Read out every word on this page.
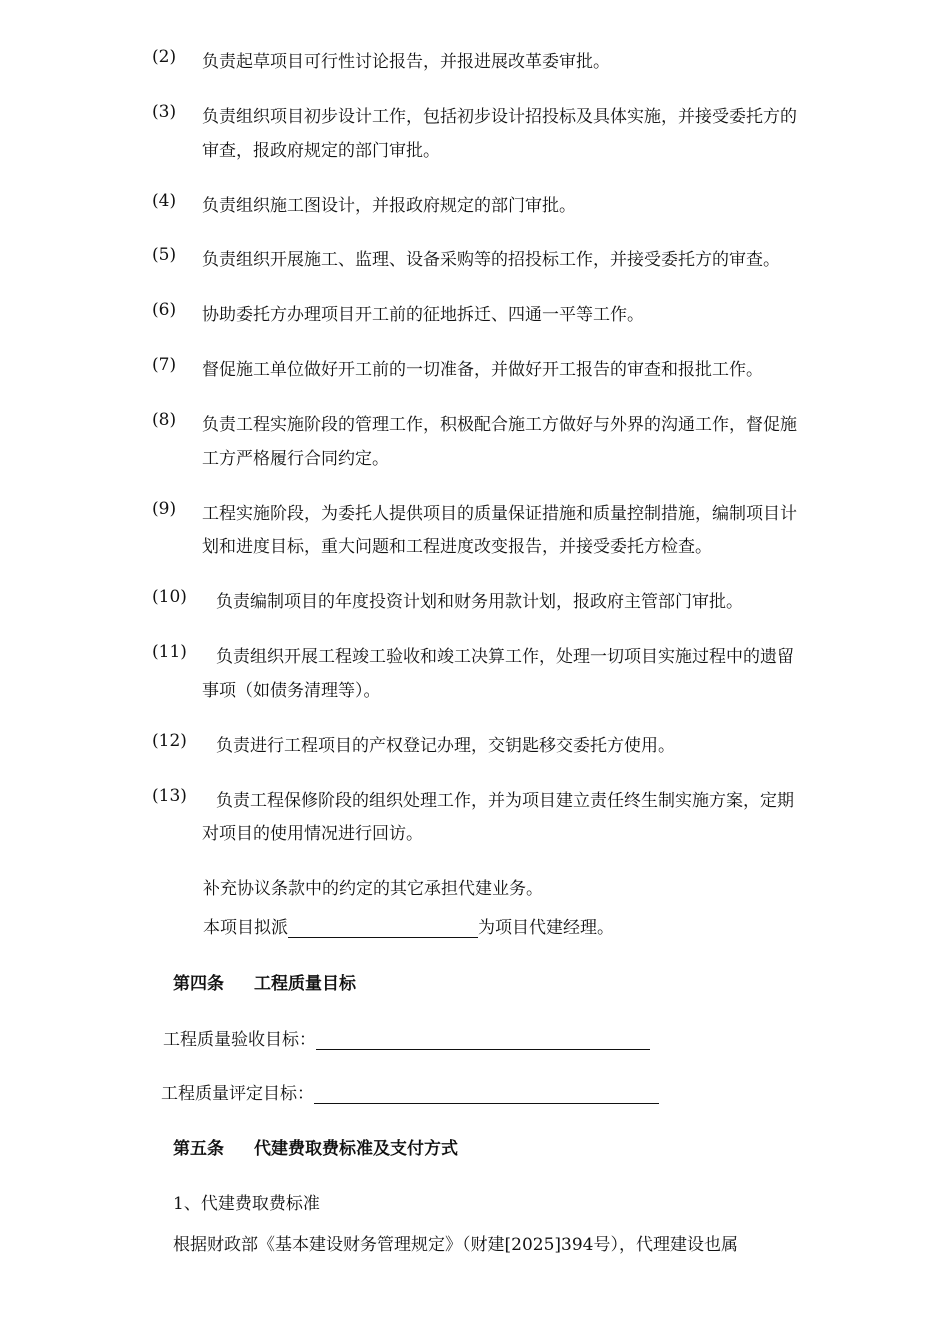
(2) 负责起草项目可行性讨论报告，并报进展改革委审批。
(3) 负责组织项目初步设计工作，包括初步设计招投标及具体实施，并接受委托方的
审查，报政府规定的部门审批。
(4) 负责组织施工图设计，并报政府规定的部门审批。
(5) 负责组织开展施工、监理、设备采购等的招投标工作，并接受委托方的审查。
(6) 协助委托方办理项目开工前的征地拆迁、四通一平等工作。
(7) 督促施工单位做好开工前的一切准备，并做好开工报告的审查和报批工作。
(8) 负责工程实施阶段的管理工作，积极配合施工方做好与外界的沟通工作，督促施
工方严格履行合同约定。
(9) 工程实施阶段，为委托人提供项目的质量保证措施和质量控制措施，编制项目计
划和进度目标，重大问题和工程进度改变报告，并接受委托方检查。
(10) 负责编制项目的年度投资计划和财务用款计划，报政府主管部门审批。
(11) 负责组织开展工程竣工验收和竣工决算工作，处理一切项目实施过程中的遗留
事项（如债务清理等）。
(12) 负责进行工程项目的产权登记办理，交钥匙移交委托方使用。
(13) 负责工程保修阶段的组织处理工作，并为项目建立责任终生制实施方案，定期
对项目的使用情况进行回访。
补充协议条款中的约定的其它承担代建业务。
本项目拟派	为项目代建经理。
第四条 工程质量目标
工程质量验收目标：
工程质量评定目标：
第五条 代建费取费标准及支付方式
1、代建费取费标准
根据财政部《基本建设财务管理规定》（财建[2025]394号），代理建设也属
